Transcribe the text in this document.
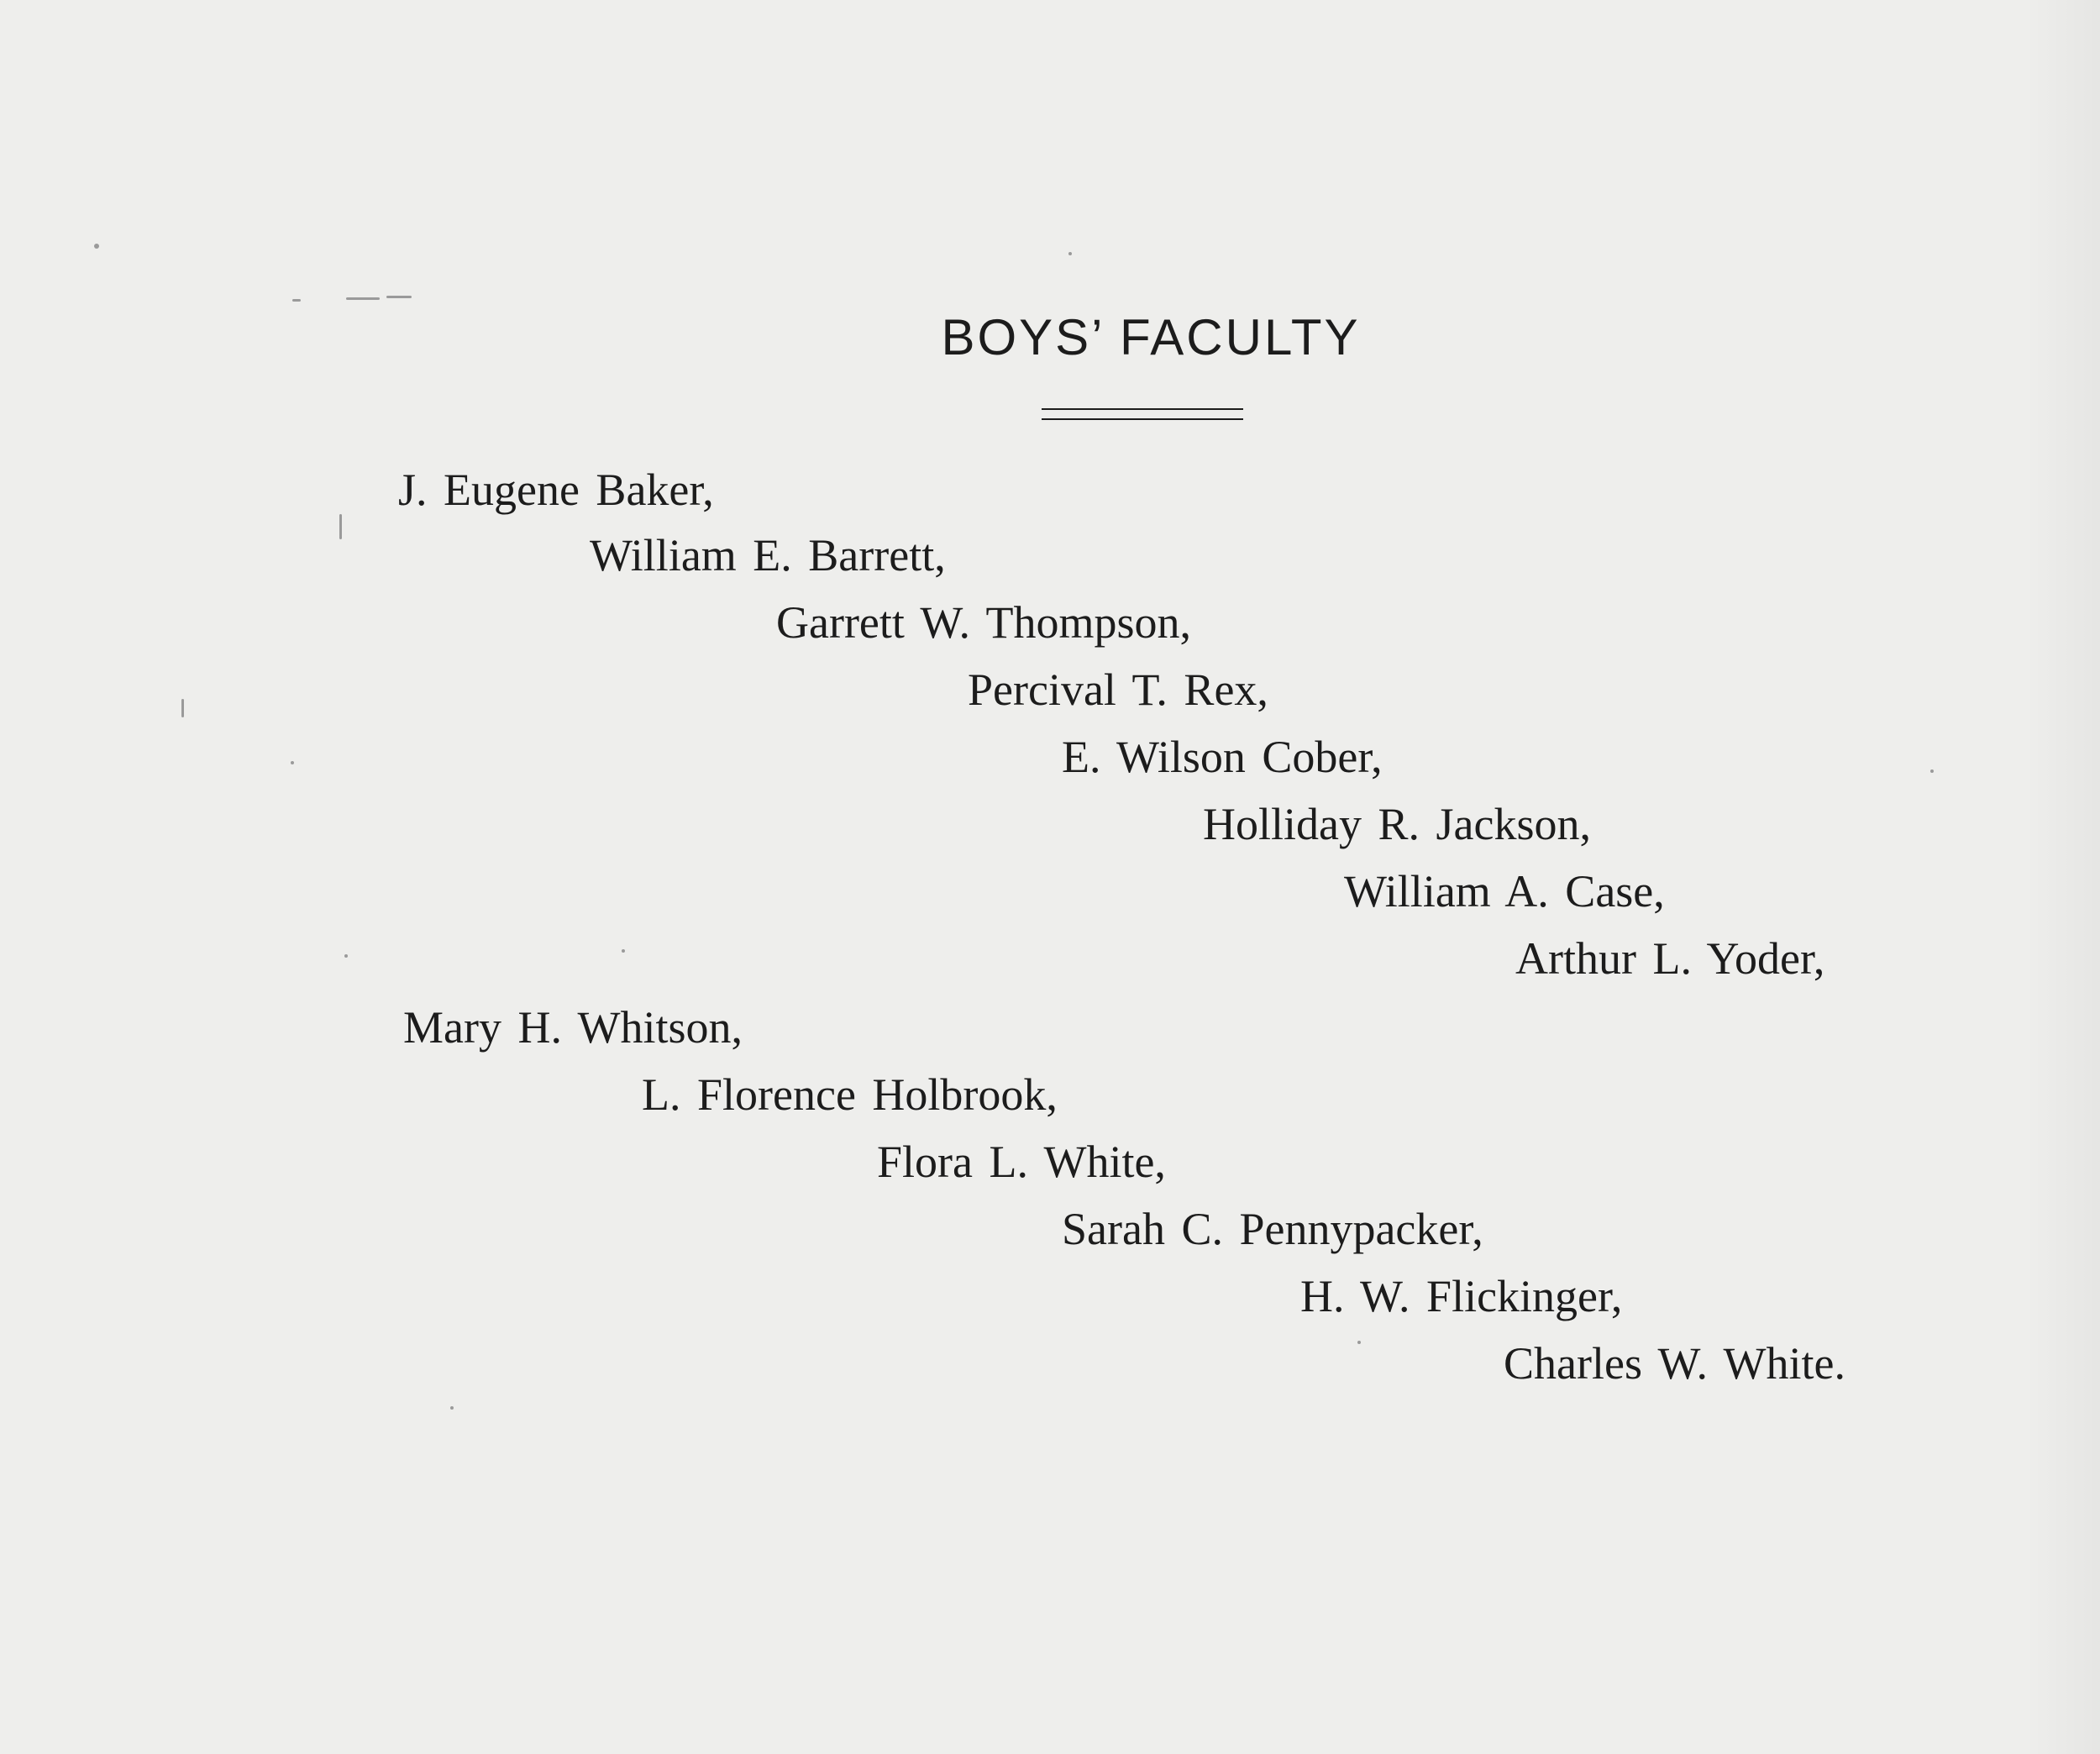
BOYS’ FACULTY
J. Eugene Baker,
William E. Barrett,
Garrett W. Thompson,
Percival T. Rex,
E. Wilson Cober,
Holliday R. Jackson,
William A. Case,
Arthur L. Yoder,
Mary H. Whitson,
L. Florence Holbrook,
Flora L. White,
Sarah C. Pennypacker,
H. W. Flickinger,
Charles W. White.
